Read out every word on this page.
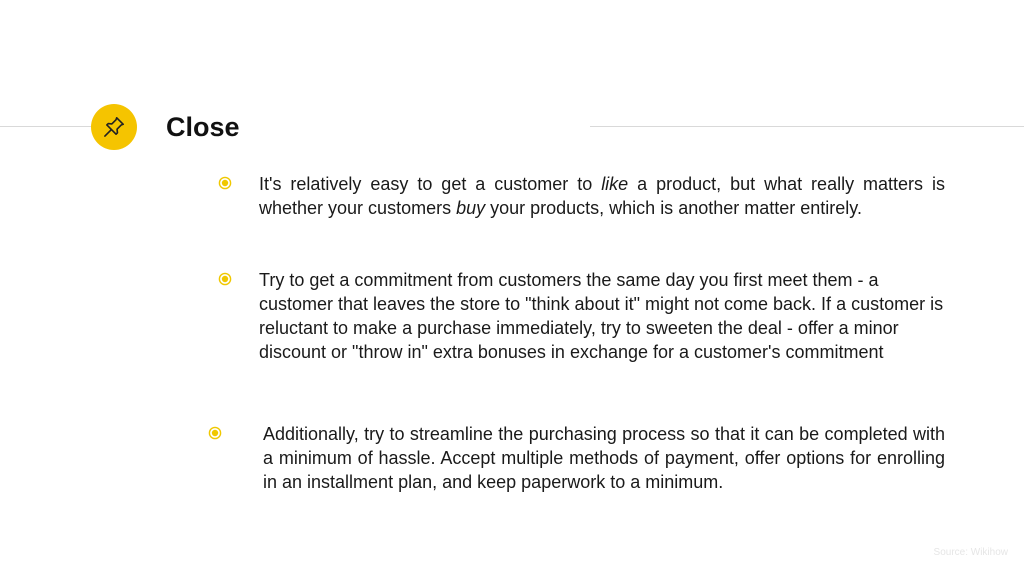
Close
It's relatively easy to get a customer to like a product, but what really matters is whether your customers buy your products, which is another matter entirely.
Try to get a commitment from customers the same day you first meet them - a customer that leaves the store to "think about it" might not come back. If a customer is reluctant to make a purchase immediately, try to sweeten the deal - offer a minor discount or "throw in" extra bonuses in exchange for a customer's commitment
Additionally, try to streamline the purchasing process so that it can be completed with a minimum of hassle. Accept multiple methods of payment, offer options for enrolling in an installment plan, and keep paperwork to a minimum.
Source: Wikihow
